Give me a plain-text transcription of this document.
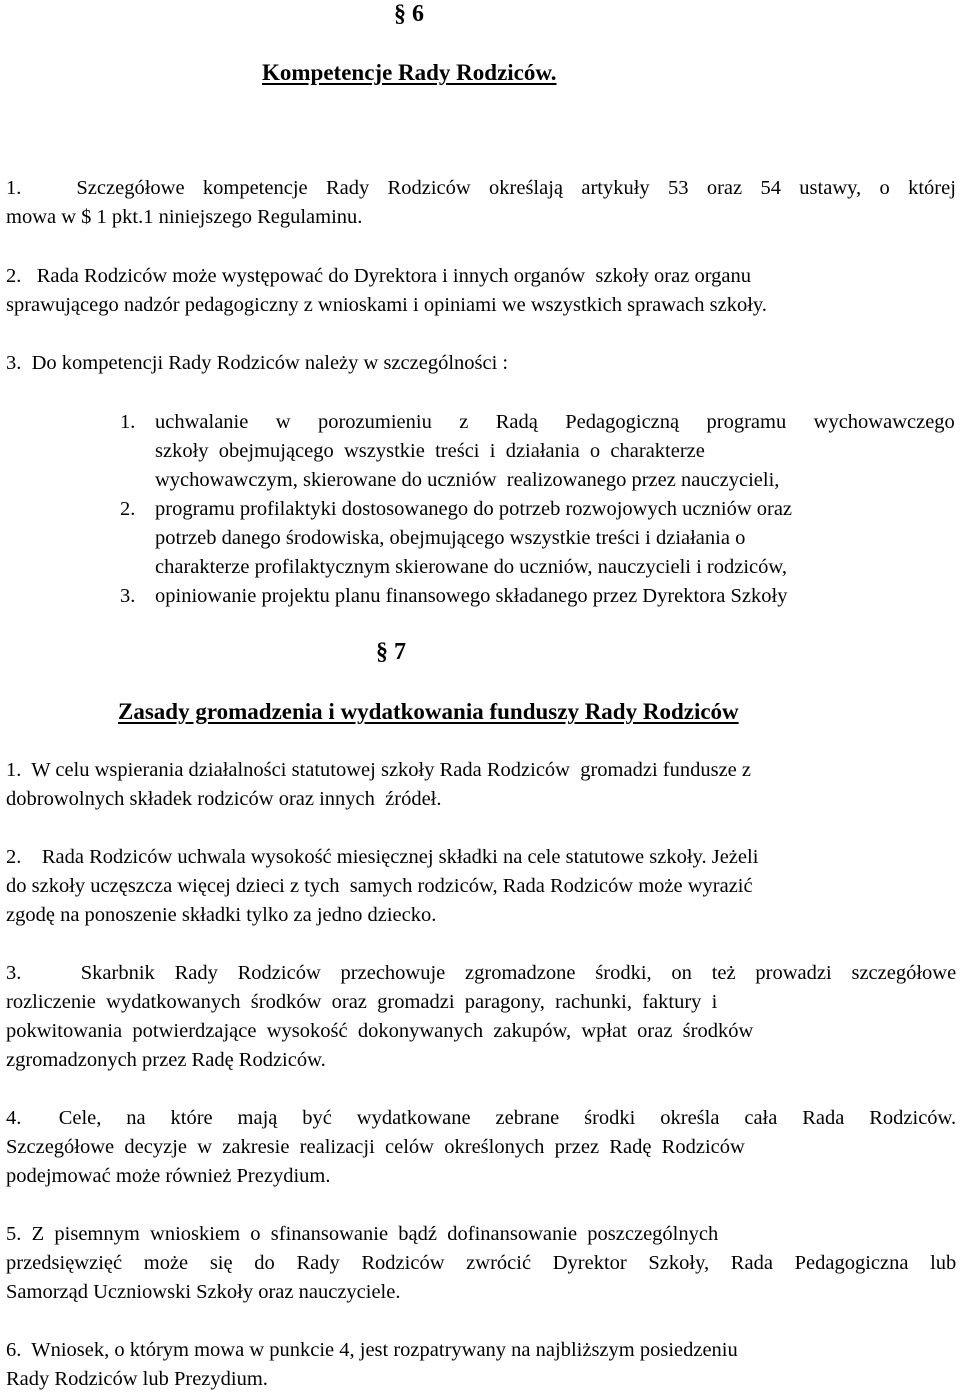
§ 6
Kompetencje Rady Rodziców.
1.   Szczegółowe kompetencje Rady Rodziców określają artykuły 53 oraz 54 ustawy, o której
mowa w $ 1 pkt.1 niniejszego Regulaminu.
2.   Rada Rodziców może występować do Dyrektora i innych organów  szkoły oraz organu
sprawującego nadzór pedagogiczny z wnioskami i opiniami we wszystkich sprawach szkoły.
3.  Do kompetencji Rady Rodziców należy w szczególności :
1. uchwalanie w porozumieniu z Radą Pedagogiczną programu wychowawczego
szkoły  obejmującego  wszystkie  treści  i  działania  o  charakterze
wychowawczym, skierowane do uczniów  realizowanego przez nauczycieli,
2. programu profilaktyki dostosowanego do potrzeb rozwojowych uczniów oraz
potrzeb danego środowiska, obejmującego wszystkie treści i działania o
charakterze profilaktycznym skierowane do uczniów, nauczycieli i rodziców,
3. opiniowanie projektu planu finansowego składanego przez Dyrektora Szkoły
§ 7
Zasady gromadzenia i wydatkowania funduszy Rady Rodziców
1.  W celu wspierania działalności statutowej szkoły Rada Rodziców  gromadzi fundusze z
dobrowolnych składek rodziców oraz innych  źródeł.
2.    Rada Rodziców uchwala wysokość miesięcznej składki na cele statutowe szkoły. Jeżeli
do szkoły uczęszcza więcej dzieci z tych  samych rodziców, Rada Rodziców może wyrazić
zgodę na ponoszenie składki tylko za jedno dziecko.
3.   Skarbnik Rady Rodziców przechowuje zgromadzone środki, on też prowadzi szczegółowe
rozliczenie  wydatkowanych  środków  oraz  gromadzi  paragony,  rachunki,  faktury  i
pokwitowania  potwierdzające  wysokość  dokonywanych  zakupów,  wpłat  oraz  środków
zgromadzonych przez Radę Rodziców.
4.   Cele,  na  które  mają  być  wydatkowane  zebrane  środki  określa  cała  Rada  Rodziców.
Szczegółowe  decyzje  w  zakresie  realizacji  celów  określonych  przez  Radę  Rodziców
podejmować może również Prezydium.
5.  Z  pisemnym  wnioskiem  o  sfinansowanie  bądź  dofinansowanie  poszczególnych
przedsięwzięć może się do Rady Rodziców zwrócić Dyrektor Szkoły, Rada Pedagogiczna lub
Samorząd Uczniowski Szkoły oraz nauczyciele.
6.  Wniosek, o którym mowa w punkcie 4, jest rozpatrywany na najbliższym posiedzeniu
Rady Rodziców lub Prezydium.
